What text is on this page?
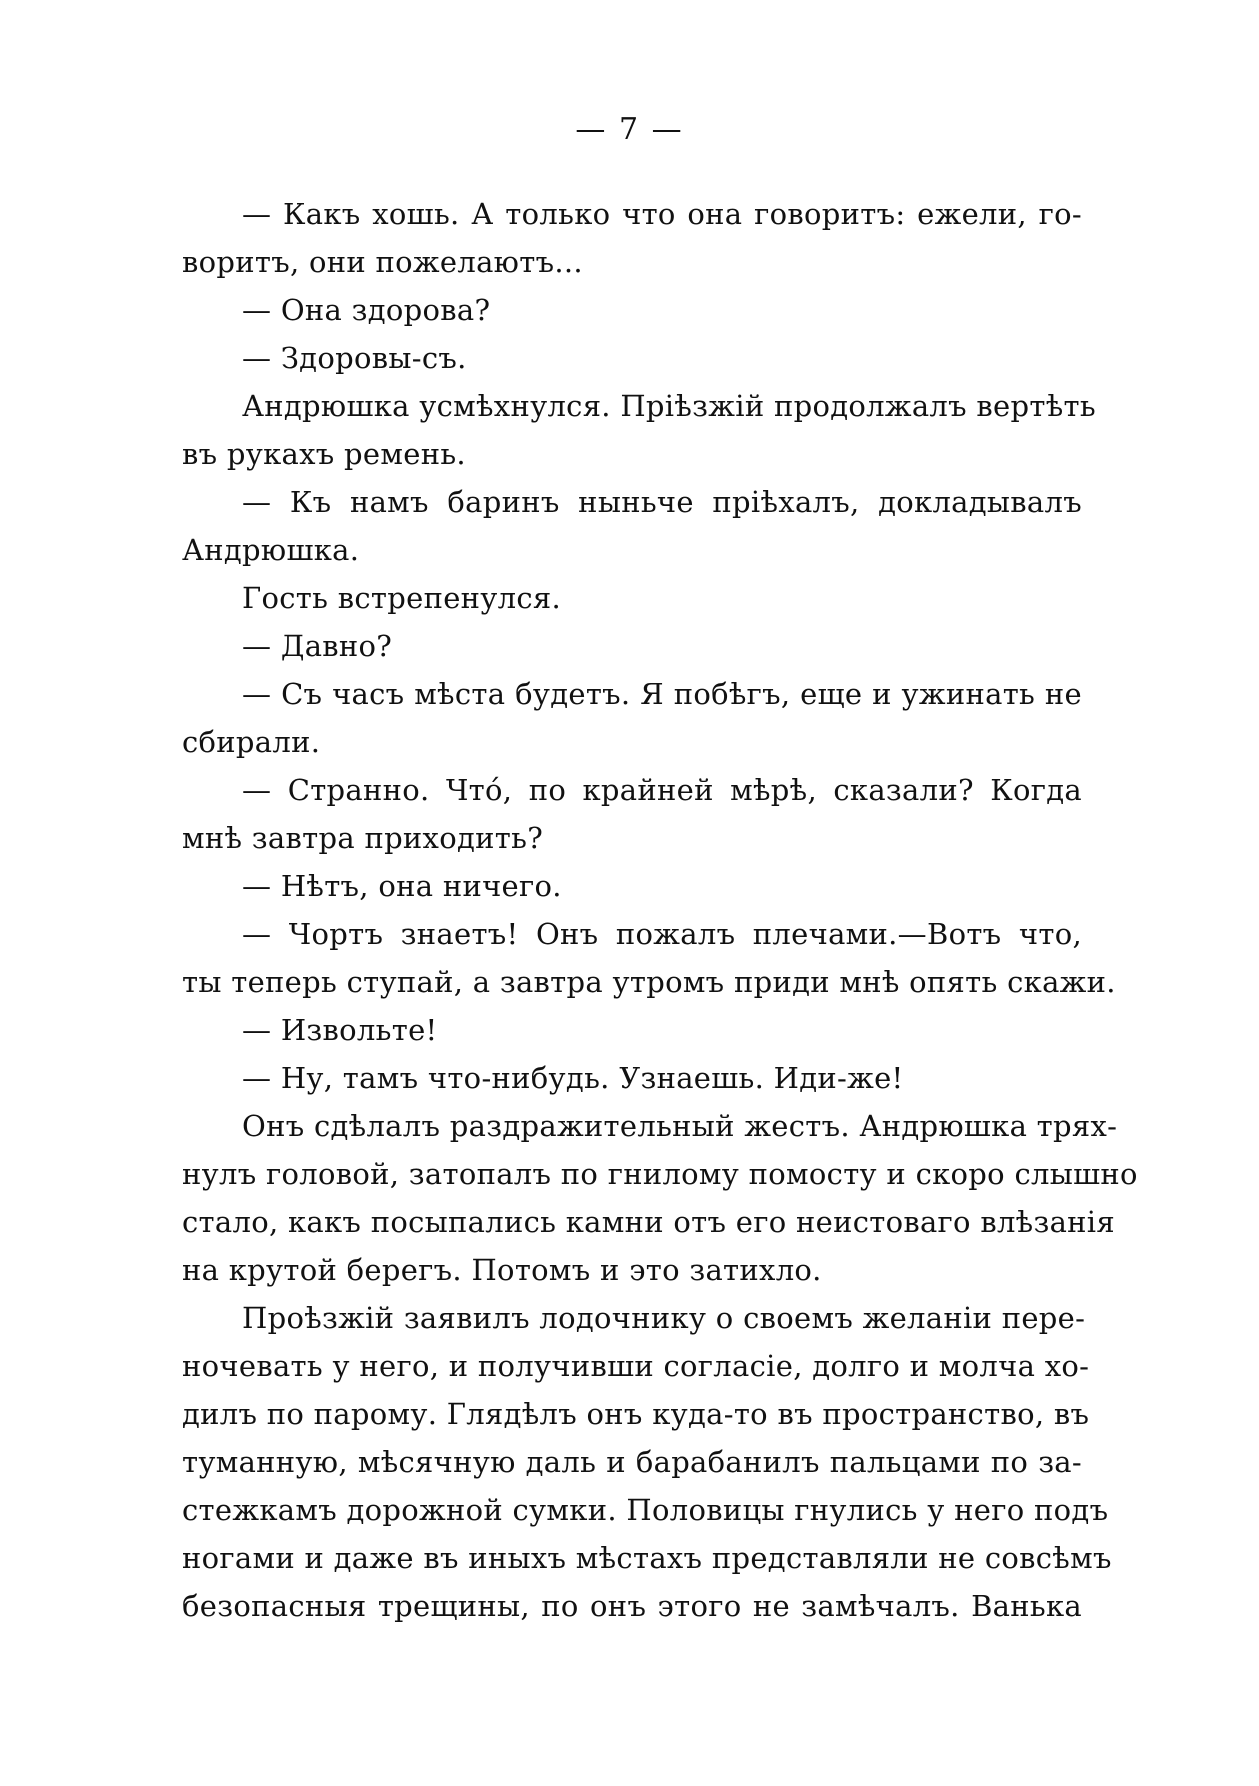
— 7 —
— Какъ хошь. А только что она говоритъ: ежели, го-
воритъ, они пожелаютъ...
— Она здорова?
— Здоровы-съ.
Андрюшка усмѣхнулся. Пріѣзжій продолжалъ вертѣть
въ рукахъ ремень.
— Къ намъ баринъ ныньче пріѣхалъ, докладывалъ
Андрюшка.
Гость встрепенулся.
— Давно?
— Съ часъ мѣста будетъ. Я побѣгъ, еще и ужинать не
сбирали.
— Странно. Что́, по крайней мѣрѣ, сказали? Когда
мнѣ завтра приходить?
— Нѣтъ, она ничего.
— Чортъ знаетъ! Онъ пожалъ плечами.—Вотъ что,
ты теперь ступай, а завтра утромъ приди мнѣ опять скажи.
— Извольте!
— Ну, тамъ что-нибудь. Узнаешь. Иди-же!
Онъ сдѣлалъ раздражительный жестъ. Андрюшка трях-
нулъ головой, затопалъ по гнилому помосту и скоро слышно
стало, какъ посыпались камни отъ его неистоваго влѣзанія
на крутой берегъ. Потомъ и это затихло.
Проѣзжій заявилъ лодочнику о своемъ желаніи пере-
ночевать у него, и получивши согласіе, долго и молча хо-
дилъ по парому. Глядѣлъ онъ куда-то въ пространство, въ
туманную, мѣсячную даль и барабанилъ пальцами по за-
стежкамъ дорожной сумки. Половицы гнулись у него подъ
ногами и даже въ иныхъ мѣстахъ представляли не совсѣмъ
безопасныя трещины, по онъ этого не замѣчалъ. Ванька
